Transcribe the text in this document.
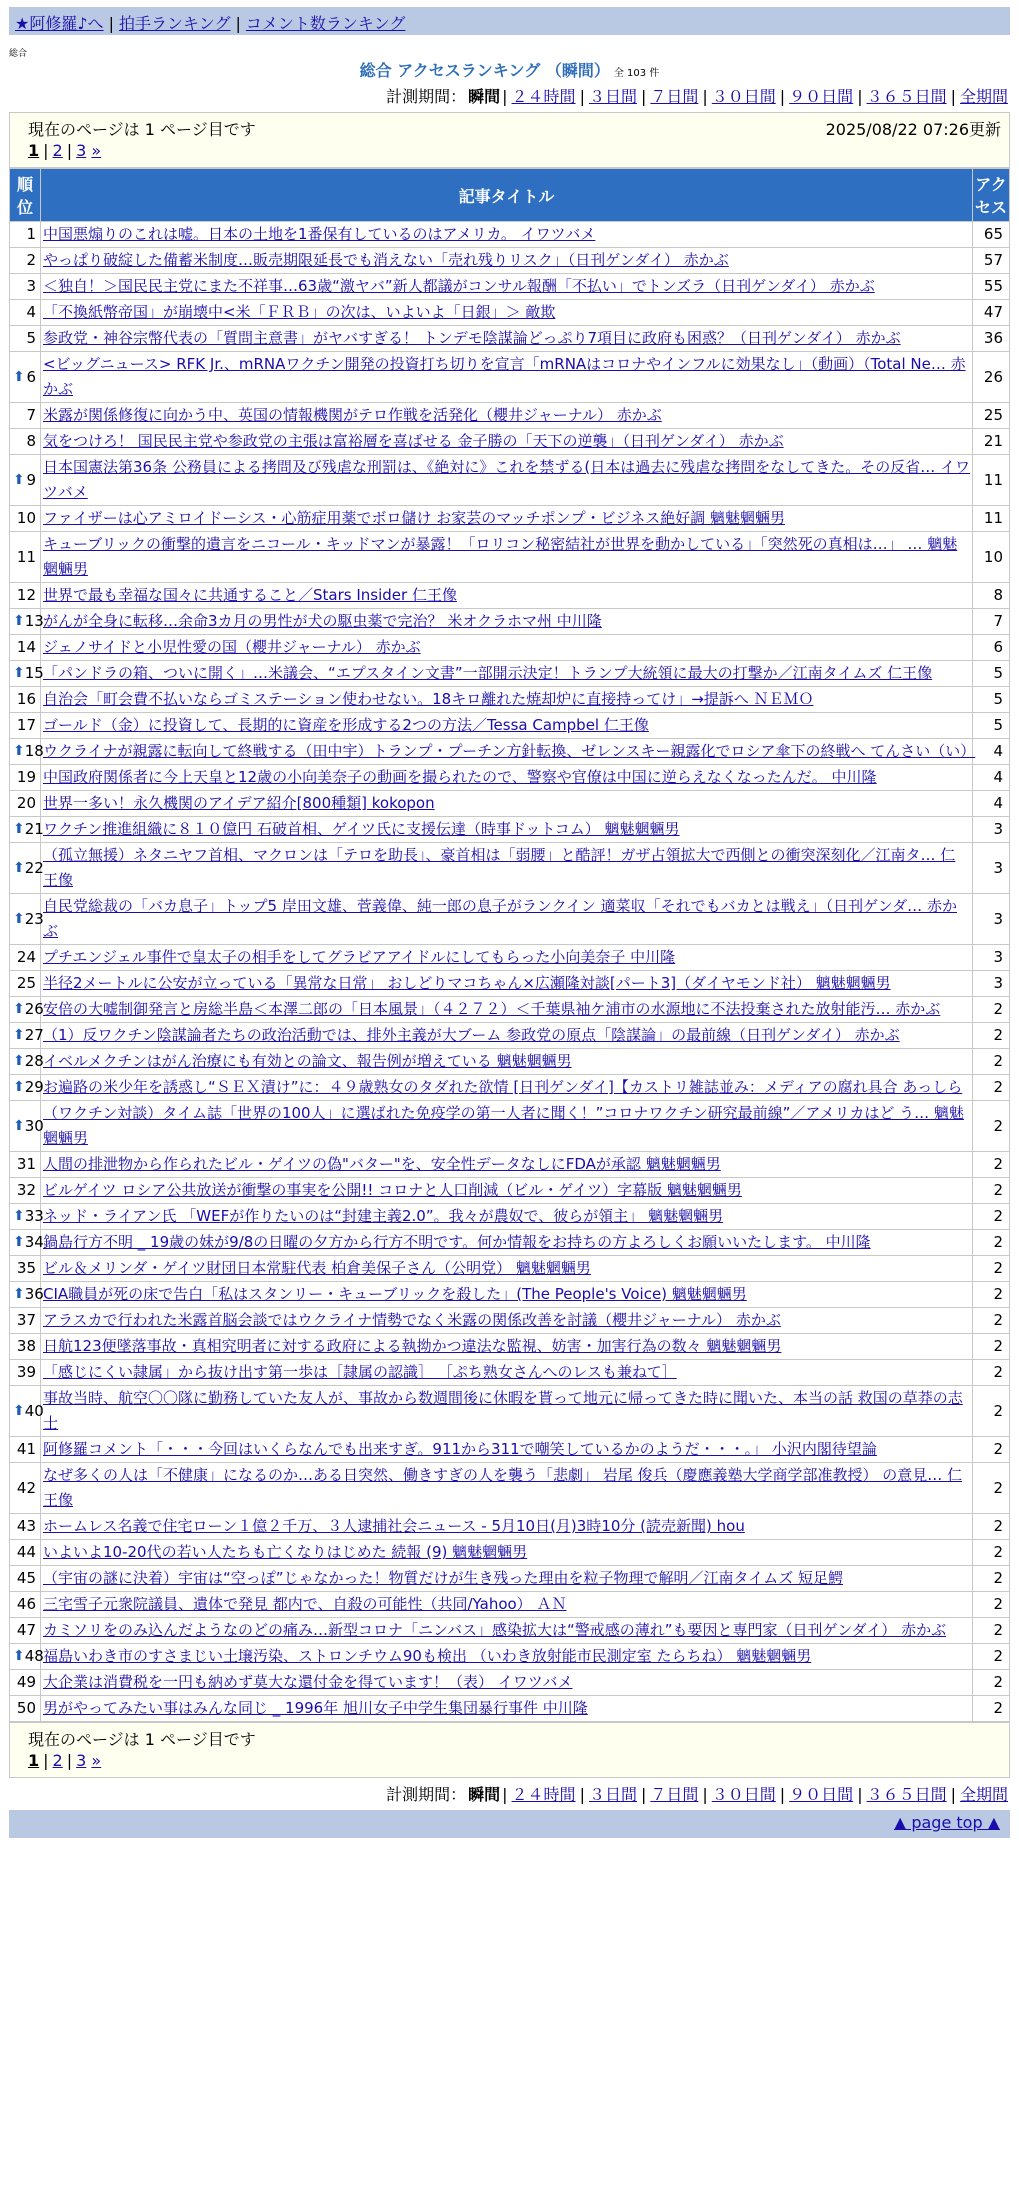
★阿修羅♪へ | 拍手ランキング | コメント数ランキング
総合
総合 アクセスランキング （瞬間） 全 103 件
計測期間： 瞬間 | ２４時間 | ３日間 | ７日間 | ３０日間 | ９０日間 | ３６５日間 | 全期間
現在のページは 1 ページ目です	2025/08/22 07:26更新
1 | 2 | 3 »
順位	記事タイトル	アクセス
1	中国悪煽りのこれは嘘。日本の土地を1番保有しているのはアメリカ。 イワツバメ	65
2	やっぱり破綻した備蓄米制度…販売期限延長でも消えない「売れ残りリスク」（日刊ゲンダイ） 赤かぶ	57
3	＜独自！＞国民民主党にまた不祥事…63歳“激ヤバ”新人都議がコンサル報酬「不払い」でトンズラ（日刊ゲンダイ） 赤かぶ	55
4	「不換紙幣帝国」が崩壊中<米「ＦＲＢ」の次は、いよいよ「日銀」＞ 敵欺	47
5	参政党・神谷宗幣代表の「質問主意書」がヤバすぎる！ トンデモ陰謀論どっぷり7項目に政府も困惑？（日刊ゲンダイ） 赤かぶ	36

⬆ 6	<ビッグニュース> RFK Jr.、mRNAワクチン開発の投資打ち切りを宣言「mRNAはコロナやインフルに効果なし」（動画）（Total Ne… 赤かぶ	26
7	米露が関係修復に向かう中、英国の情報機関がテロ作戦を活発化（櫻井ジャーナル） 赤かぶ	25
8	気をつけろ！ 国民民主党や参政党の主張は富裕層を喜ばせる 金子勝の「天下の逆襲」（日刊ゲンダイ） 赤かぶ	21

⬆ 9	日本国憲法第36条 公務員による拷問及び残虐な刑罰は、《絶対に》これを禁ずる(日本は過去に残虐な拷問をなしてきた。その反省… イワツバメ	11
10	ファイザーは心アミロイドーシス・心筋症用薬でボロ儲け お家芸のマッチポンプ・ビジネス絶好調 魑魅魍魎男	11
11	キューブリックの衝撃的遺言をニコール・キッドマンが暴露！「ロリコン秘密結社が世界を動かしている」「突然死の真相は…」 … 魑魅魍魎男	10
12	世界で最も幸福な国々に共通すること／Stars Insider 仁王像	8

⬆ 13	がんが全身に転移…余命3カ月の男性が犬の駆虫薬で完治？ 米オクラホマ州 中川隆	7
14	ジェノサイドと小児性愛の国（櫻井ジャーナル） 赤かぶ	6

⬆ 15	「パンドラの箱、ついに開く」…米議会、“エプスタイン文書”一部開示決定！トランプ大統領に最大の打撃か／江南タイムズ 仁王像	5
16	自治会「町会費不払いならゴミステーション使わせない。18キロ離れた焼却炉に直接持ってけ」→提訴へ ＮＥＭＯ	5
17	ゴールド（金）に投資して、長期的に資産を形成する2つの方法／Tessa Campbel 仁王像	5

⬆ 18	ウクライナが親露に転向して終戦する（田中宇）トランプ・プーチン方針転換、ゼレンスキー親露化でロシア傘下の終戦へ てんさい（い）	4
19	中国政府関係者に今上天皇と12歳の小向美奈子の動画を撮られたので、警察や官僚は中国に逆らえなくなったんだ。 中川隆	4
20	世界一多い！永久機関のアイデア紹介[800種類] kokopon	4

⬆ 21	ワクチン推進組織に８１０億円 石破首相、ゲイツ氏に支援伝達（時事ドットコム） 魑魅魍魎男	3

⬆ 22	（孤立無援）ネタニヤフ首相、マクロンは「テロを助長」、豪首相は「弱腰」と酷評！ガザ占領拡大で西側との衝突深刻化／江南タ… 仁王像	3

⬆ 23	自民党総裁の「バカ息子」トップ5 岸田文雄、菅義偉、純一郎の息子がランクイン 適菜収「それでもバカとは戦え」（日刊ゲンダ… 赤かぶ	3
24	プチエンジェル事件で皇太子の相手をしてグラビアアイドルにしてもらった小向美奈子 中川隆	3
25	半径2メートルに公安が立っている「異常な日常」 おしどりマコちゃん×広瀬隆対談[パート3]（ダイヤモンド社） 魑魅魍魎男	3

⬆ 26	安倍の大嘘制御発言と房総半島＜本澤二郎の「日本風景」（４２７２）＜千葉県袖ケ浦市の水源地に不法投棄された放射能汚… 赤かぶ	2

⬆ 27	（1）反ワクチン陰謀論者たちの政治活動では、排外主義が大ブーム 参政党の原点「陰謀論」の最前線（日刊ゲンダイ） 赤かぶ	2

⬆ 28	イベルメクチンはがん治療にも有効との論文、報告例が増えている 魑魅魍魎男	2

⬆ 29	お遍路の米少年を誘惑し“ＳＥＸ漬け”に：４９歳熟女のタダれた欲情 [日刊ゲンダイ]【カストリ雑誌並み：メディアの腐れ具合 あっしら	2

⬆ 30	（ワクチン対談）タイム誌「世界の100人」に選ばれた免疫学の第一人者に聞く！”コロナワクチン研究最前線”／アメリカはど う… 魑魅魍魎男	2
31	人間の排泄物から作られたビル・ゲイツの偽"バター"を、安全性データなしにFDAが承認 魑魅魍魎男	2
32	ビルゲイツ ロシア公共放送が衝撃の事実を公開!! コロナと人口削減（ビル・ゲイツ）字幕版 魑魅魍魎男	2

⬆ 33	ネッド・ライアン氏 「WEFが作りたいのは“封建主義2.0”。我々が農奴で、彼らが領主」 魑魅魍魎男	2

⬆ 34	鍋島行方不明 _ 19歳の妹が9/8の日曜の夕方から行方不明です。何か情報をお持ちの方よろしくお願いいたします。 中川隆	2
35	ビル＆メリンダ・ゲイツ財団日本常駐代表 柏倉美保子さん（公明党） 魑魅魍魎男	2

⬆ 36	CIA職員が死の床で告白「私はスタンリー・キューブリックを殺した」(The People's Voice) 魑魅魍魎男	2
37	アラスカで行われた米露首脳会談ではウクライナ情勢でなく米露の関係改善を討議（櫻井ジャーナル） 赤かぶ	2
38	日航123便墜落事故・真相究明者に対する政府による執拗かつ違法な監視、妨害・加害行為の数々 魑魅魍魎男	2
39	「感じにくい隷属」から抜け出す第一歩は［隷属の認識］ ［ぷち熟女さんへのレスも兼ねて］	2

⬆ 40	事故当時、航空〇〇隊に勤務していた友人が、事故から数週間後に休暇を貰って地元に帰ってきた時に聞いた、本当の話 救国の草莽の志士	2
41	阿修羅コメント「・・・今回はいくらなんでも出来すぎ。911から311で嘲笑しているかのようだ・・・。」 小沢内閣待望論	2
42	なぜ多くの人は「不健康」になるのか…ある日突然、働きすぎの人を襲う「悲劇」 岩尾 俊兵（慶應義塾大学商学部准教授） の意見… 仁王像	2
43	ホームレス名義で住宅ローン１億２千万、３人逮捕社会ニュース - 5月10日(月)3時10分 (読売新聞) hou	2
44	いよいよ10-20代の若い人たちも亡くなりはじめた 続報 (9) 魑魅魍魎男	2
45	（宇宙の謎に決着）宇宙は“空っぽ”じゃなかった！物質だけが生き残った理由を粒子物理で解明／江南タイムズ 短足鰐	2
46	三宅雪子元衆院議員、遺体で発見 都内で、自殺の可能性（共同/Yahoo） ＡＮ	2
47	カミソリをのみ込んだようなのどの痛み…新型コロナ「ニンバス」感染拡大は“警戒感の薄れ”も要因と専門家（日刊ゲンダイ） 赤かぶ	2

⬆ 48	福島いわき市のすさまじい土壌汚染、ストロンチウム90も検出 （いわき放射能市民測定室 たらちね） 魑魅魍魎男	2
49	大企業は消費税を一円も納めず莫大な還付金を得ています！（表） イワツバメ	2
50	男がやってみたい事はみんな同じ _ 1996年 旭川女子中学生集団暴行事件 中川隆	2
現在のページは 1 ページ目です
1 | 2 | 3 »
計測期間： 瞬間 | ２４時間 | ３日間 | ７日間 | ３０日間 | ９０日間 | ３６５日間 | 全期間
▲ page top ▲
